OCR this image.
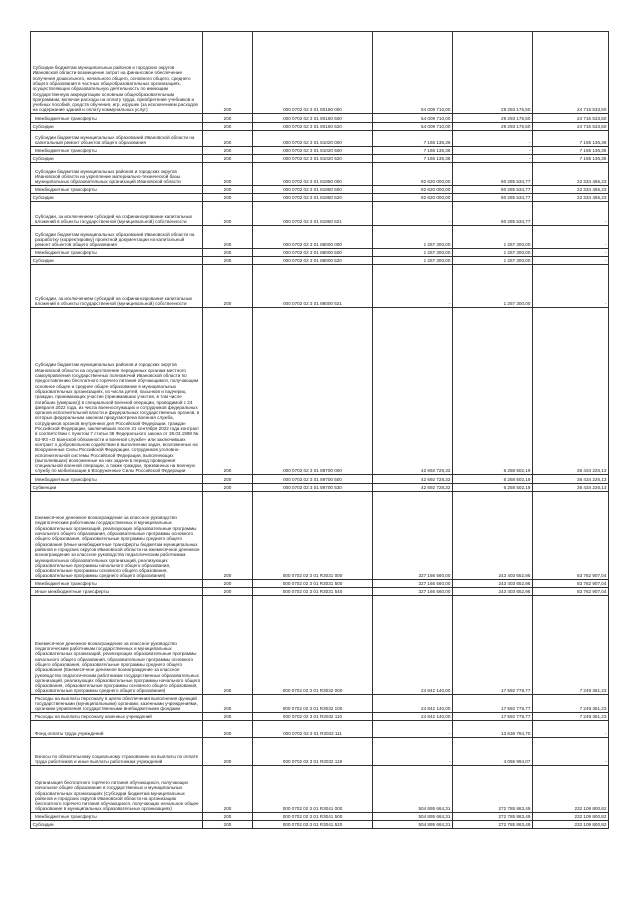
Субсидии бюджетам муниципальных районов и городских округов Ивановской области возмещение затрат на финансовое обеспечение получения дошкольного, начального общего, основного общего, среднего общего образования в частных общеобразовательных организациях, осуществляющих образовательную деятельность по имеющим государственную аккредитацию основным общеобразовательным программам, включая расходы на оплату труда, приобретение учебников и учебных пособий, средств обучения, игр, игрушек (за исключением расходов на содержание зданий и оплату коммунальных услуг)	200	000 0702 02 3 01 80160 000	54 009 710,00	29 293 176,50	24 716 533,50
Межбюджетные трансферты	200	000 0702 02 3 01 80160 500	54 009 710,00	29 293 176,50	24 716 533,50
Субсидии	200	000 0702 02 3 01 80160 520	54 009 710,00	29 293 176,50	24 716 533,50
Субсидии бюджетам муниципальных образований Ивановской области на капитальный ремонт объектов общего образования	200	000 0702 02 3 01 81020 000	7 165 136,36	-	7 165 136,36
Межбюджетные трансферты	200	000 0702 02 3 01 81020 500	7 165 136,36	-	7 165 136,36
Субсидии	200	000 0702 02 3 01 81020 520	7 165 136,36	-	7 165 136,36
Субсидии бюджетам муниципальных районов и городских округов Ивановской области на укрепление материально-технической базы муниципальных образовательных организаций Ивановской области	200	000 0702 02 3 01 81950 000	82 620 000,00	60 285 534,77	22 334 465,23
Межбюджетные трансферты	200	000 0702 02 3 01 81950 500	82 620 000,00	60 285 534,77	22 334 465,23
Субсидии	200	000 0702 02 3 01 81950 520	82 620 000,00	60 285 534,77	22 334 465,23
Субсидии, за исключением субсидий на софинансирование капитальных вложений в объекты государственной (муниципальной) собственности	200	000 0702 02 3 01 81950 521	-	60 285 534,77	-
Субсидии бюджетам муниципальных образований Ивановской области на разработку (корректировку) проектной документации на капитальный ремонт объектов общего образования	200	000 0702 02 3 01 88000 000	1 257 300,00	1 257 300,00	-
Межбюджетные трансферты	200	000 0702 02 3 01 88000 500	1 257 300,00	1 257 300,00	-
Субсидии	200	000 0702 02 3 01 88000 520	1 257 300,00	1 257 300,00	-
Субсидии, за исключением субсидий на софинансирование капитальных вложений в объекты государственной (муниципальной) собственности	200	000 0702 02 3 01 88000 521	-	1 257 300,00	-
Субсидии бюджетам муниципальных районов и городских округов Ивановской области на осуществление переданных органам местного самоуправления государственных полномочий Ивановской области по предоставлению бесплатного горячего питания обучающимся, получающим основное общее и среднее общее образование в муниципальных образовательных организациях, из числа детей, пасынков и падчериц граждан, принимающих участие (принимавших участие, в том числе погибших (умерших)) в специальной военной операции, проводимой с 24 февраля 2022 года, из числа военнослужащих и сотрудников федеральных органов исполнительной власти и федеральных государственных органов, в которых федеральным законом предусмотрена военная служба, сотрудников органов внутренних дел Российской Федерации, граждан Российской Федерации, заключивших после 21 сентября 2022 года контракт в соответствии с пунктом 7 статьи 38 Федерального закона от 28.03.1998 № 53-ФЗ «О воинской обязанности и военной службе» или заключивших контракт о добровольном содействии в выполнении задач, возложенных на Вооруженные Силы Российской Федерации, сотрудников уголовно-исполнительной системы Российской Федерации, выполняющих (выполнявших) возложенные на них задачи в период проведения специальной военной операции, а также граждан, призванных на военную службу по мобилизации в Вооруженные Силы Российской Федерации	200	000 0702 02 3 01 89700 000	42 692 728,32	6 258 502,19	36 434 226,13
Межбюджетные трансферты	200	000 0702 02 3 01 89700 500	42 692 728,32	6 258 502,19	36 434 226,13
Субвенции	200	000 0702 02 3 01 89700 530	42 692 728,32	6 258 502,19	36 434 226,13
Ежемесячное денежное вознаграждение за классное руководство педагогическим работникам государственных и муниципальных образовательных организаций, реализующих образовательные программы начального общего образования, образовательные программы основного общего образования, образовательные программы среднего общего образования (Иные межбюджетные трансферты бюджетам муниципальных районов и городских округов Ивановской области на ежемесячное денежное вознаграждение за классное руководство педагогическим работникам муниципальных образовательных организаций, реализующих образовательные программы начального общего образования, образовательные программы основного общего образования, образовательные программы среднего общего образования)	200	000 0702 02 3 01 R3031 000	327 166 560,00	243 403 652,96	83 762 907,04
Межбюджетные трансферты	200	000 0702 02 3 01 R3031 500	327 166 560,00	243 403 652,96	83 762 907,04
Иные межбюджетные трансферты	200	000 0702 02 3 01 R3031 540	327 166 560,00	243 403 652,96	83 762 907,04
Ежемесячное денежное вознаграждение за классное руководство педагогическим работникам государственных и муниципальных образовательных организаций, реализующих образовательные программы начального общего образования, образовательные программы основного общего образования, образовательные программы среднего общего образования (Ежемесячное денежное вознаграждение за классное руководство педагогическим работникам государственных образовательных организаций, реализующих образовательные программы начального общего образования, образовательные программы основного общего образования, образовательные программы среднего общего образования)	200	000 0702 02 3 01 R3032 000	24 842 140,00	17 592 778,77	7 249 361,23
Расходы на выплаты персоналу в целях обеспечения выполнения функций государственными (муниципальными) органами, казенными учреждениями, органами управления государственными внебюджетными фондами	200	000 0702 02 3 01 R3032 100	24 842 140,00	17 592 778,77	7 249 361,23
Расходы на выплаты персоналу казенных учреждений	200	000 0702 02 3 01 R3032 110	24 842 140,00	17 592 778,77	7 249 361,23
Фонд оплаты труда учреждений	200	000 0702 02 3 01 R3032 111	-	13 536 784,70	-
Взносы по обязательному социальному страхованию на выплаты по оплате труда работников и иные выплаты работникам учреждений	200	000 0702 02 3 01 R3032 119	-	4 055 994,07	-
Организация бесплатного горячего питания обучающихся, получающих начальное общее образование в государственных и муниципальных образовательных организациях (Субсидии бюджетам муниципальных районов и городских округов Ивановской области на организацию бесплатного горячего питания обучающихся, получающих начальное общее образование в муниципальных образовательных организациях)	200	000 0702 02 3 01 R3041 000	504 895 664,31	272 785 863,49	232 109 800,82
Межбюджетные трансферты	200	000 0702 02 3 01 R3041 500	504 895 664,31	272 785 863,49	232 109 800,82
Субсидии	200	000 0702 02 3 01 R3041 520	504 895 664,31	272 785 863,49	232 109 800,82
